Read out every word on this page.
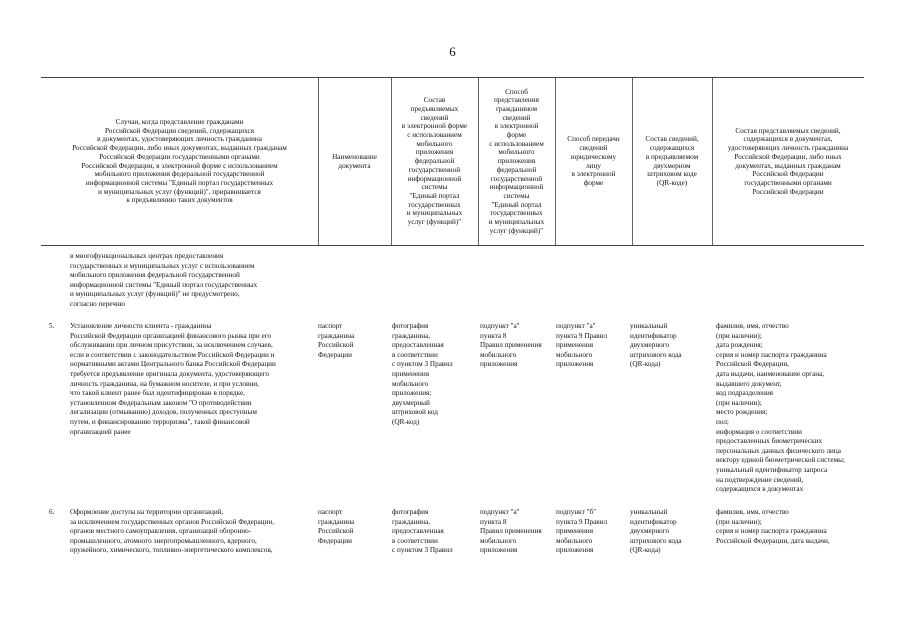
6
Случаи, когда представление гражданами
Российской Федерации сведений, содержащихся
в документах, удостоверяющих личность гражданина
Российской Федерации, либо иных документах, выданных гражданам
Российской Федерации государственными органами
Российской Федерации, в электронной форме с использованием
мобильного приложения федеральной государственной
информационной системы "Единый портал государственных
и муниципальных услуг (функций)", приравнивается
к предъявлению таких документов
Наименование
документа
Состав
предъявляемых
сведений
в электронной форме
с использованием
мобильного
приложения
федеральной
государственной
информационной
системы
"Единый портал
государственных
и муниципальных
услуг (функций)"
Способ
представления
гражданином
сведений
в электронной
форме
с использованием
мобильного
приложения
федеральной
государственной
информационной
системы
"Единый портал
государственных
и муниципальных
услуг (функций)"
Способ передачи
сведений
юридическому
лицу
в электронной
форме
Состав сведений,
содержащихся
в предъявляемом
двухмерном
штриховом коде
(QR-коде)
Состав представляемых сведений,
содержащихся в документах,
удостоверяющих личность гражданина
Российской Федерации, либо иных
документах, выданных гражданам
Российской Федерации
государственными органами
Российской Федерации
в многофункциональных центрах предоставления
государственных и муниципальных услуг с использованием
мобильного приложения федеральной государственной
информационной системы "Единый портал государственных
и муниципальных услуг (функций)" не предусмотрено,
согласно перечню
5. Установление личности клиента - гражданина
Российской Федерации организацией финансового рынка при его
обслуживании при личном присутствии, за исключением случаев,
если в соответствии с законодательством Российской Федерации и
нормативными актами Центрального банка Российской Федерации
требуется предъявление оригинала документа, удостоверяющего
личность гражданина, на бумажном носителе, и при условии,
что такой клиент ранее был идентифицирован в порядке,
установленном Федеральным законом "О противодействии
легализации (отмыванию) доходов, полученных преступным
путем, и финансированию терроризма", такой финансовой
организацией ранее
паспорт
гражданина
Российской
Федерации
фотография
гражданина,
предоставленная
в соответствии
с пунктом 3 Правил
применения
мобильного
приложения;
двухмерный
штриховой код
(QR-код)
подпункт "а"
пункта 8
Правил применения
мобильного
приложения
подпункт "а"
пункта 9 Правил
применения
мобильного
приложения
уникальный
идентификатор
двухмерного
штрихового кода
(QR-кода)
фамилия, имя, отчество
(при наличии);
дата рождения;
серия и номер паспорта гражданина
Российской Федерации,
дата выдачи, наименование органа,
выдавшего документ,
код подразделения
(при наличии);
место рождения;
пол;
информация о соответствии
предоставленных биометрических
персональных данных физического лица
вектору единой биометрической системы;
уникальный идентификатор запроса
на подтверждение сведений,
содержащихся в документах
6. Оформление доступа на территории организаций,
за исключением государственных органов Российской Федерации,
органов местного самоуправления, организаций оборонно-
промышленного, атомного энергопромышленного, ядерного,
оружейного, химического, топливно-энергетического комплексов,
паспорт
гражданина
Российской
Федерации
фотография
гражданина,
предоставленная
в соответствии
с пунктом 3 Правил
подпункт "а"
пункта 8
Правил применения
мобильного
приложения
подпункт "б"
пункта 9 Правил
применения
мобильного
приложения
уникальный
идентификатор
двухмерного
штрихового кода
(QR-кода)
фамилия, имя, отчество
(при наличии);
серия и номер паспорта гражданина
Российской Федерации, дата выдачи,
